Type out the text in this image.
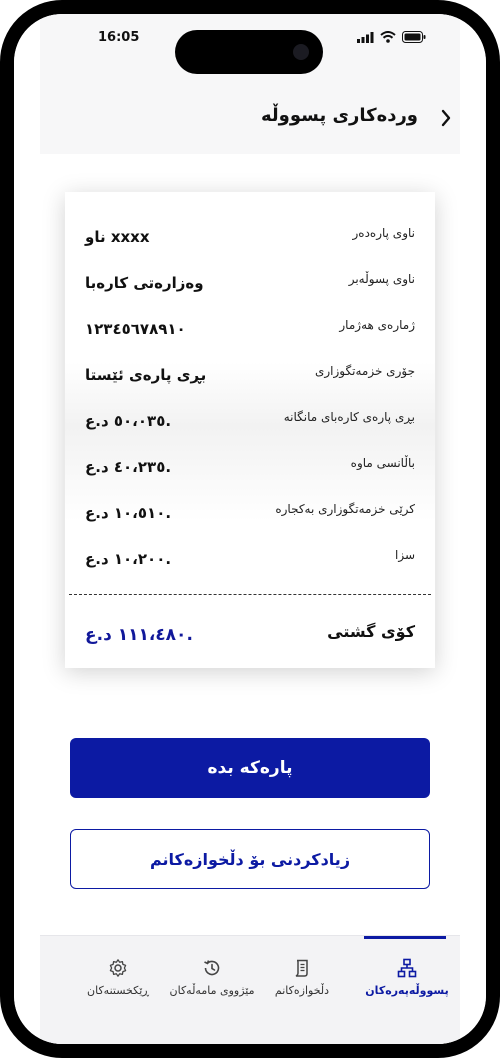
16:05
وردەکاری پسووڵە
ناوی پارەدەر
ناو xxxx
ناوی پسوڵەبر
وەزارەتی کارەبا
ژمارەی هەژمار
١٢٣٤٥٦٧٨٩١٠
جۆری خزمەتگوزاری
بڕی پارەی ئێستا
بڕی پارەی کارەبای مانگانە
٥٠،٠٣٥ د.ع.
باڵانسی ماوە
٤٠،٢٣٥ د.ع.
کرێی خزمەتگوزاری بەکجارە
١٠،٥١٠ د.ع.
سزا
١٠،٢٠٠ د.ع.
کۆی گشتی
١١١،٤٨٠ د.ع.
پارەکە بدە
زیادکردنی بۆ دڵخوازەکانم
پسووڵەپەرەکان
دڵخوازەکانم
مێژووی مامەڵەکان
ڕێکخستنەکان
